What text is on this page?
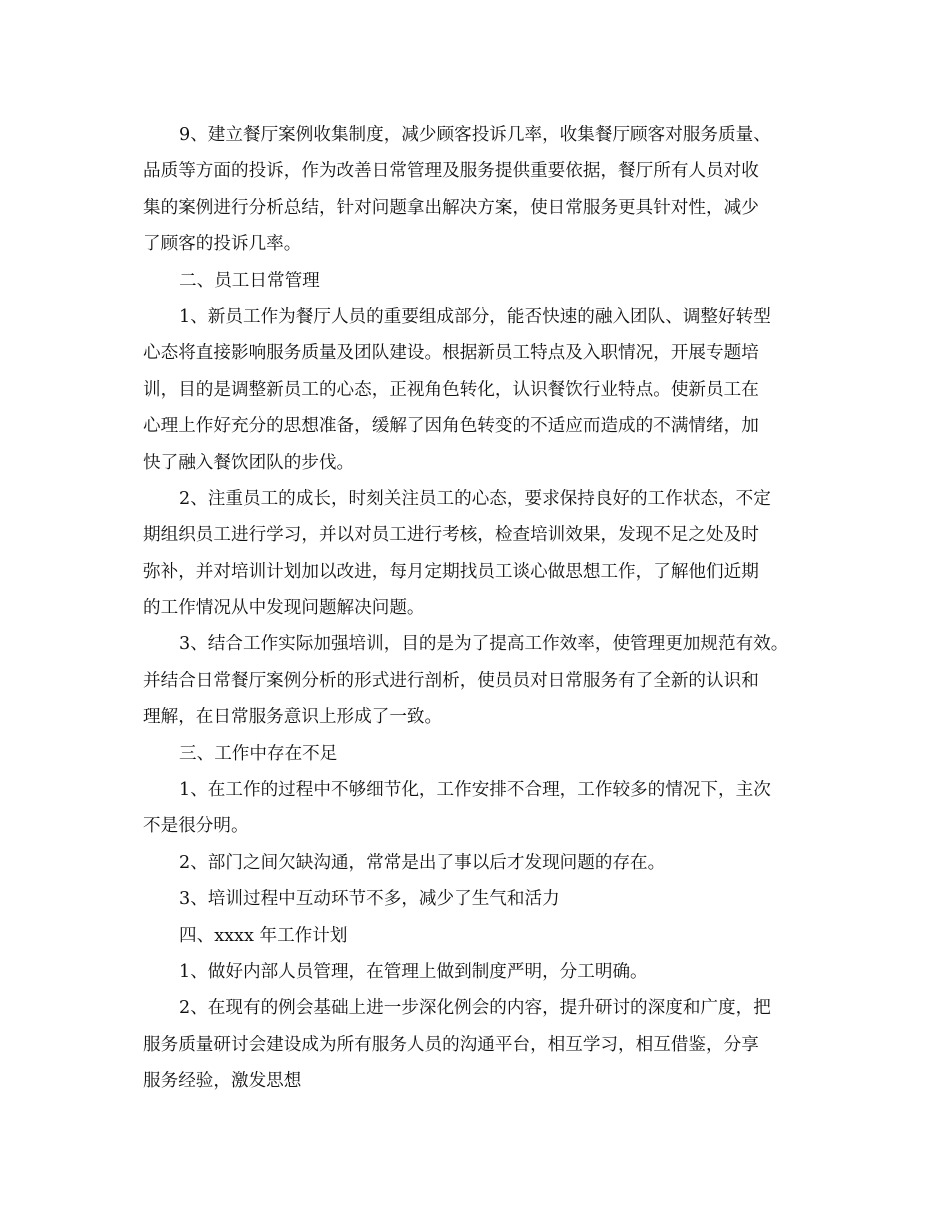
9、建立餐厅案例收集制度，减少顾客投诉几率，收集餐厅顾客对服务质量、
品质等方面的投诉，作为改善日常管理及服务提供重要依据，餐厅所有人员对收
集的案例进行分析总结，针对问题拿出解决方案，使日常服务更具针对性，减少
了顾客的投诉几率。
二、员工日常管理
1、新员工作为餐厅人员的重要组成部分，能否快速的融入团队、调整好转型
心态将直接影响服务质量及团队建设。根据新员工特点及入职情况，开展专题培
训，目的是调整新员工的心态，正视角色转化，认识餐饮行业特点。使新员工在
心理上作好充分的思想准备，缓解了因角色转变的不适应而造成的不满情绪，加
快了融入餐饮团队的步伐。
2、注重员工的成长，时刻关注员工的心态，要求保持良好的工作状态，不定
期组织员工进行学习，并以对员工进行考核，检查培训效果，发现不足之处及时
弥补，并对培训计划加以改进，每月定期找员工谈心做思想工作，了解他们近期
的工作情况从中发现问题解决问题。
3、结合工作实际加强培训，目的是为了提高工作效率，使管理更加规范有效。
并结合日常餐厅案例分析的形式进行剖析，使员员对日常服务有了全新的认识和
理解，在日常服务意识上形成了一致。
三、工作中存在不足
1、在工作的过程中不够细节化，工作安排不合理，工作较多的情况下，主次
不是很分明。
2、部门之间欠缺沟通，常常是出了事以后才发现问题的存在。
3、培训过程中互动环节不多，减少了生气和活力
四、xxxx 年工作计划
1、做好内部人员管理，在管理上做到制度严明，分工明确。
2、在现有的例会基础上进一步深化例会的内容，提升研讨的深度和广度，把
服务质量研讨会建设成为所有服务人员的沟通平台，相互学习，相互借鉴，分享
服务经验，激发思想
